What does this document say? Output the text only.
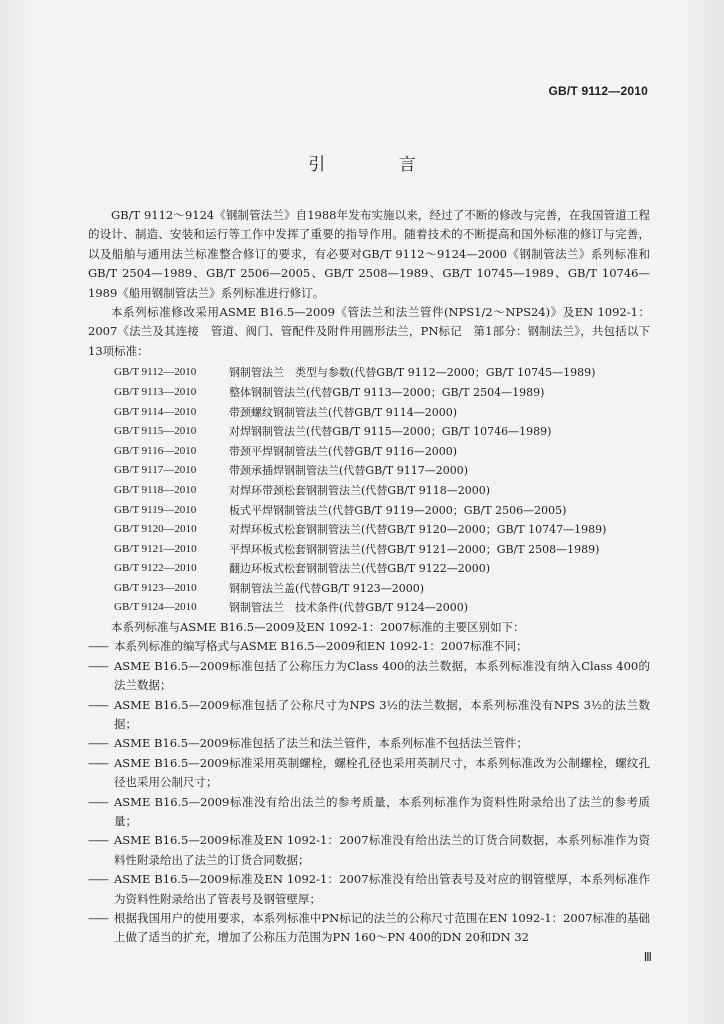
GB/T 9112—2010
引 言

GB/T 9112～9124《钢制管法兰》自1988年发布实施以来，经过了不断的修改与完善，在我国管道工程的设计、制造、安装和运行等工作中发挥了重要的指导作用。随着技术的不断提高和国外标准的修订与完善，以及船舶与通用法兰标准整合修订的要求，有必要对GB/T 9112～9124—2000《钢制管法兰》系列标准和GB/T 2504—1989、GB/T 2506—2005、GB/T 2508—1989、GB/T 10745—1989、GB/T 10746—1989《船用钢制管法兰》系列标准进行修订。

本系列标准修改采用ASME B16.5—2009《管法兰和法兰管件(NPS1/2～NPS24)》及EN 1092-1：2007《法兰及其连接　管道、阀门、管配件及附件用圆形法兰，PN标记　第1部分：钢制法兰》，共包括以下13项标准：

GB/T 9112—2010	钢制管法兰　类型与参数(代替GB/T 9112—2000；GB/T 10745—1989)
GB/T 9113—2010	整体钢制管法兰(代替GB/T 9113—2000；GB/T 2504—1989)
GB/T 9114—2010	带颈螺纹钢制管法兰(代替GB/T 9114—2000)
GB/T 9115—2010	对焊钢制管法兰(代替GB/T 9115—2000；GB/T 10746—1989)
GB/T 9116—2010	带颈平焊钢制管法兰(代替GB/T 9116—2000)
GB/T 9117—2010	带颈承插焊钢制管法兰(代替GB/T 9117—2000)
GB/T 9118—2010	对焊环带颈松套钢制管法兰(代替GB/T 9118—2000)
GB/T 9119—2010	板式平焊钢制管法兰(代替GB/T 9119—2000；GB/T 2506—2005)
GB/T 9120—2010	对焊环板式松套钢制管法兰(代替GB/T 9120—2000；GB/T 10747—1989)
GB/T 9121—2010	平焊环板式松套钢制管法兰(代替GB/T 9121—2000；GB/T 2508—1989)
GB/T 9122—2010	翻边环板式松套钢制管法兰(代替GB/T 9122—2000)
GB/T 9123—2010	钢制管法兰盖(代替GB/T 9123—2000)
GB/T 9124—2010	钢制管法兰　技术条件(代替GB/T 9124—2000)

本系列标准与ASME B16.5—2009及EN 1092-1：2007标准的主要区别如下：

—— 本系列标准的编写格式与ASME B16.5—2009和EN 1092-1：2007标准不同；
—— ASME B16.5—2009标准包括了公称压力为Class 400的法兰数据，本系列标准没有纳入Class 400的法兰数据；
—— ASME B16.5—2009标准包括了公称尺寸为NPS 3½的法兰数据，本系列标准没有NPS 3½的法兰数据；
—— ASME B16.5—2009标准包括了法兰和法兰管件，本系列标准不包括法兰管件；
—— ASME B16.5—2009标准采用英制螺栓，螺栓孔径也采用英制尺寸，本系列标准改为公制螺栓，螺纹孔径也采用公制尺寸；
—— ASME B16.5—2009标准没有给出法兰的参考质量，本系列标准作为资料性附录给出了法兰的参考质量；
—— ASME B16.5—2009标准及EN 1092-1：2007标准没有给出法兰的订货合同数据，本系列标准作为资料性附录给出了法兰的订货合同数据；
—— ASME B16.5—2009标准及EN 1092-1：2007标准没有给出管表号及对应的钢管壁厚，本系列标准作为资料性附录给出了管表号及钢管壁厚；
—— 根据我国用户的使用要求，本系列标准中PN标记的法兰的公称尺寸范围在EN 1092-1：2007标准的基础上做了适当的扩充，增加了公称压力范围为PN 160～PN 400的DN 20和DN 32
Ⅲ
